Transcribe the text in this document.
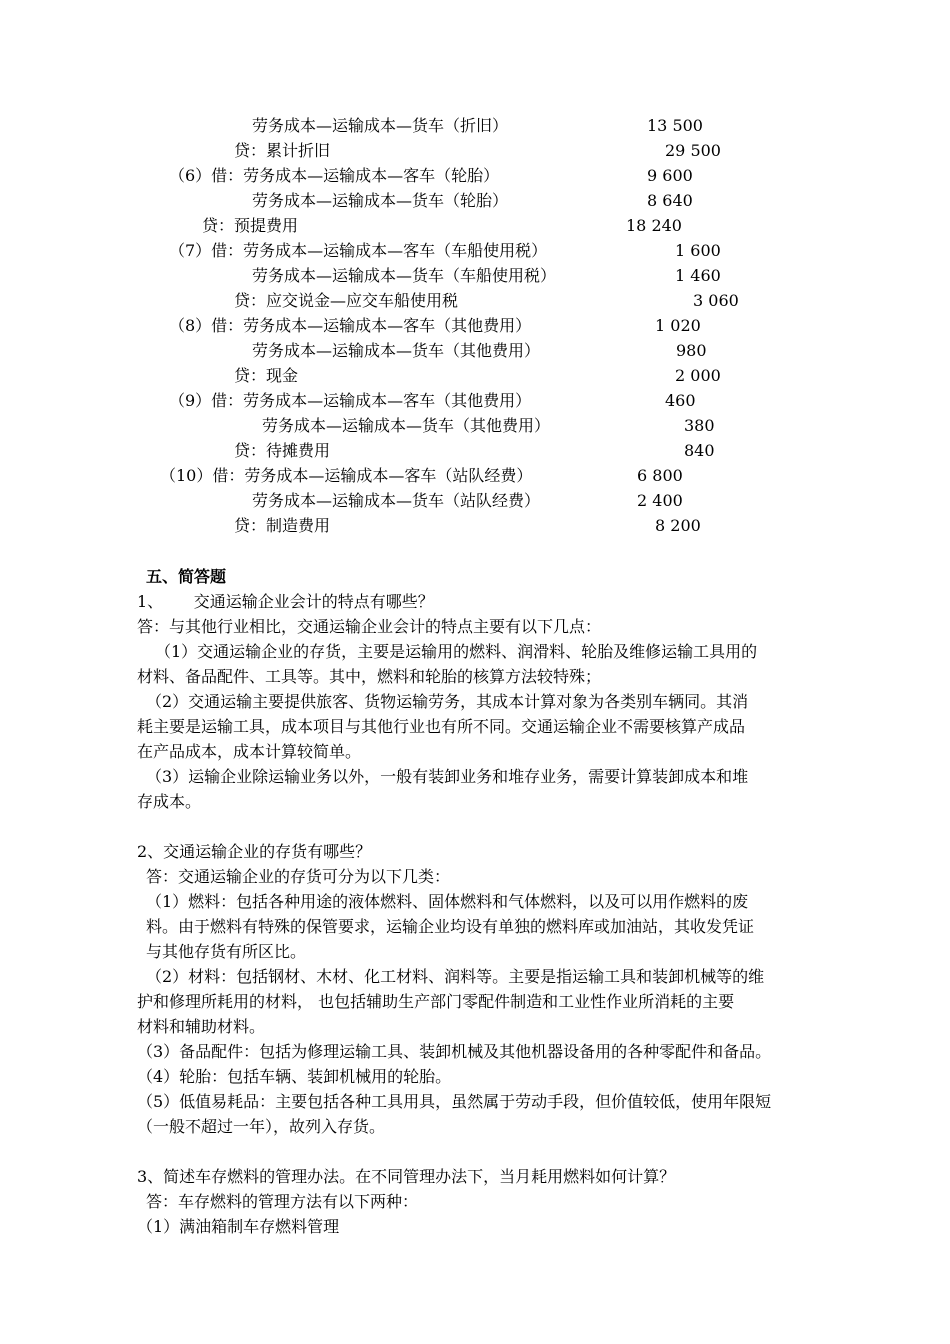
劳务成本—运输成本—货车（折旧）	13 500
贷：累计折旧	29 500
（6）借：劳务成本—运输成本—客车（轮胎）	9 600
劳务成本—运输成本—货车（轮胎）	8 640
贷：预提费用	18 240
（7）借：劳务成本—运输成本—客车（车船使用税）	1 600
劳务成本—运输成本—货车（车船使用税）	1 460
贷：应交说金—应交车船使用税	3 060
（8）借：劳务成本—运输成本—客车（其他费用）	1 020
劳务成本—运输成本—货车（其他费用）	980
贷：现金	2 000
（9）借：劳务成本—运输成本—客车（其他费用）	460
劳务成本—运输成本—货车（其他费用）	380
贷：待摊费用	840
（10）借：劳务成本—运输成本—客车（站队经费）	6 800
劳务成本—运输成本—货车（站队经费）	2 400
贷：制造费用	8 200
五、简答题
1、      交通运输企业会计的特点有哪些？
答：与其他行业相比，交通运输企业会计的特点主要有以下几点：
（1）交通运输企业的存货，主要是运输用的燃料、润滑料、轮胎及维修运输工具用的
材料、备品配件、工具等。其中，燃料和轮胎的核算方法较特殊；
（2）交通运输主要提供旅客、货物运输劳务，其成本计算对象为各类别车辆同。其消
耗主要是运输工具，成本项目与其他行业也有所不同。交通运输企业不需要核算产成品
在产品成本，成本计算较简单。
（3）运输企业除运输业务以外，一般有装卸业务和堆存业务，需要计算装卸成本和堆
存成本。
2、交通运输企业的存货有哪些？
答：交通运输企业的存货可分为以下几类：
（1）燃料：包括各种用途的液体燃料、固体燃料和气体燃料，以及可以用作燃料的废
料。由于燃料有特殊的保管要求，运输企业均设有单独的燃料库或加油站，其收发凭证
与其他存货有所区比。
（2）材料：包括钢材、木材、化工材料、润料等。主要是指运输工具和装卸机械等的维
护和修理所耗用的材料， 也包括辅助生产部门零配件制造和工业性作业所消耗的主要
材料和辅助材料。
（3）备品配件：包括为修理运输工具、装卸机械及其他机器设备用的各种零配件和备品。
（4）轮胎：包括车辆、装卸机械用的轮胎。
（5）低值易耗品：主要包括各种工具用具，虽然属于劳动手段，但价值较低，使用年限短
（一般不超过一年），故列入存货。
3、简述车存燃料的管理办法。在不同管理办法下，当月耗用燃料如何计算？
答：车存燃料的管理方法有以下两种：
（1）满油箱制车存燃料管理
